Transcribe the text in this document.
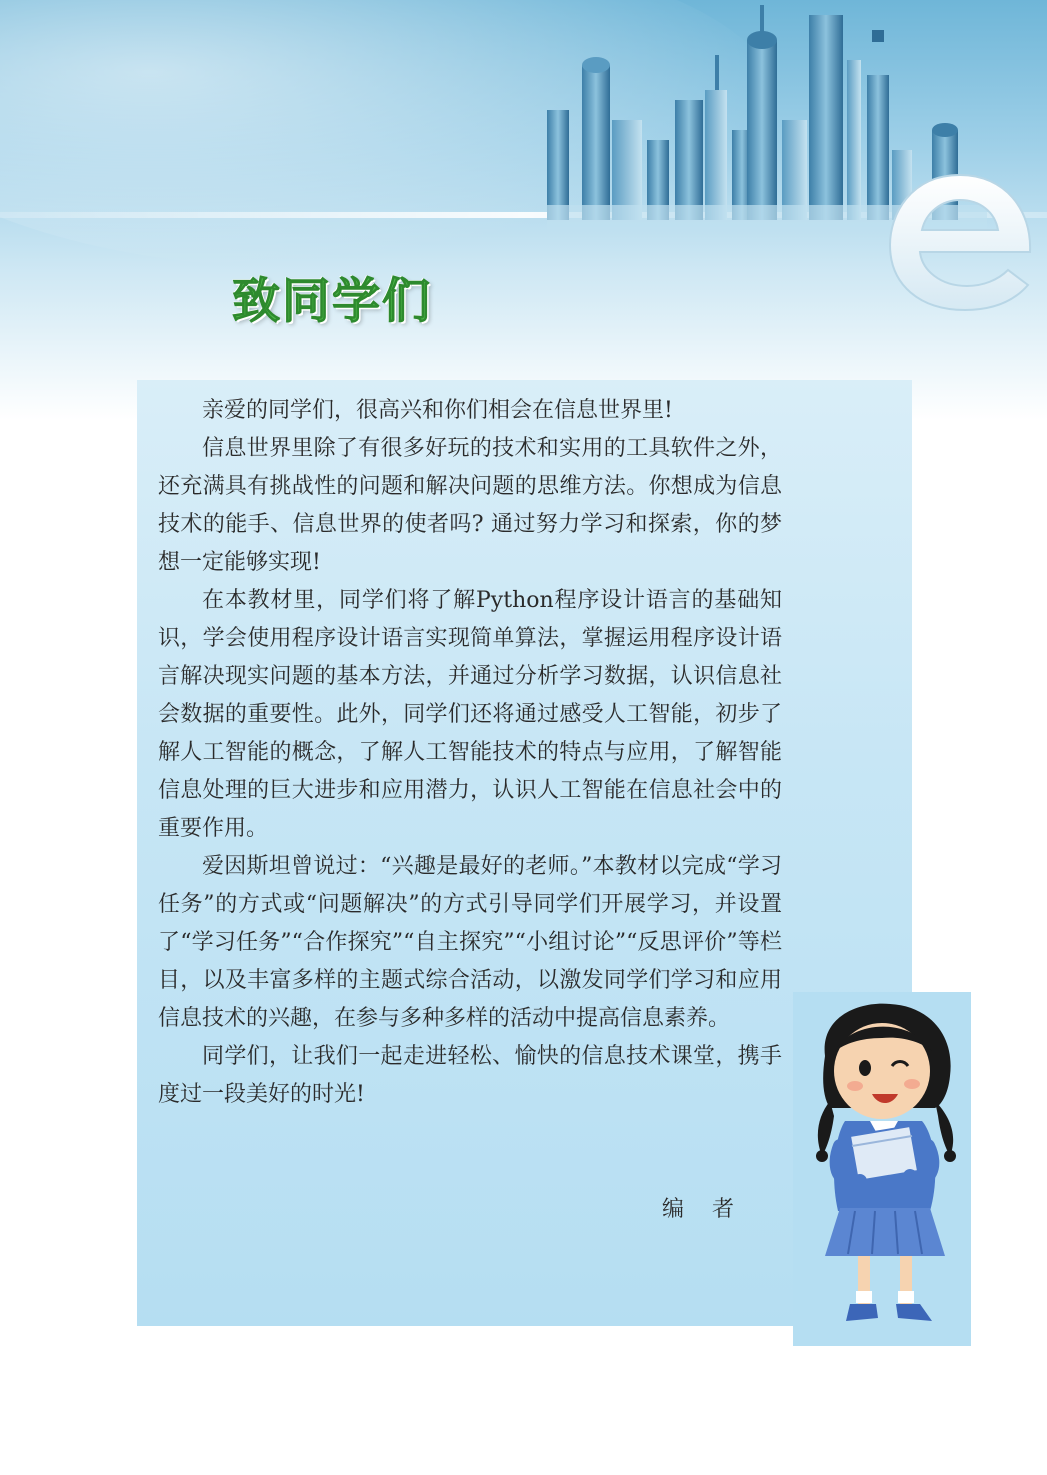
致同学们

亲爱的同学们，很高兴和你们相会在信息世界里!

信息世界里除了有很多好玩的技术和实用的工具软件之外，还充满具有挑战性的问题和解决问题的思维方法。你想成为信息技术的能手、信息世界的使者吗? 通过努力学习和探索，你的梦想一定能够实现!

在本教材里，同学们将了解Python程序设计语言的基础知识，学会使用程序设计语言实现简单算法，掌握运用程序设计语言解决现实问题的基本方法，并通过分析学习数据，认识信息社会数据的重要性。此外，同学们还将通过感受人工智能，初步了解人工智能的概念，了解人工智能技术的特点与应用，了解智能信息处理的巨大进步和应用潜力，认识人工智能在信息社会中的重要作用。

爱因斯坦曾说过：“兴趣是最好的老师。”本教材以完成“学习任务”的方式或“问题解决”的方式引导同学们开展学习，并设置了“学习任务”“合作探究”“自主探究”“小组讨论”“反思评价”等栏目，以及丰富多样的主题式综合活动，以激发同学们学习和应用信息技术的兴趣，在参与多种多样的活动中提高信息素养。

同学们，让我们一起走进轻松、愉快的信息技术课堂，携手度过一段美好的时光!

编者
